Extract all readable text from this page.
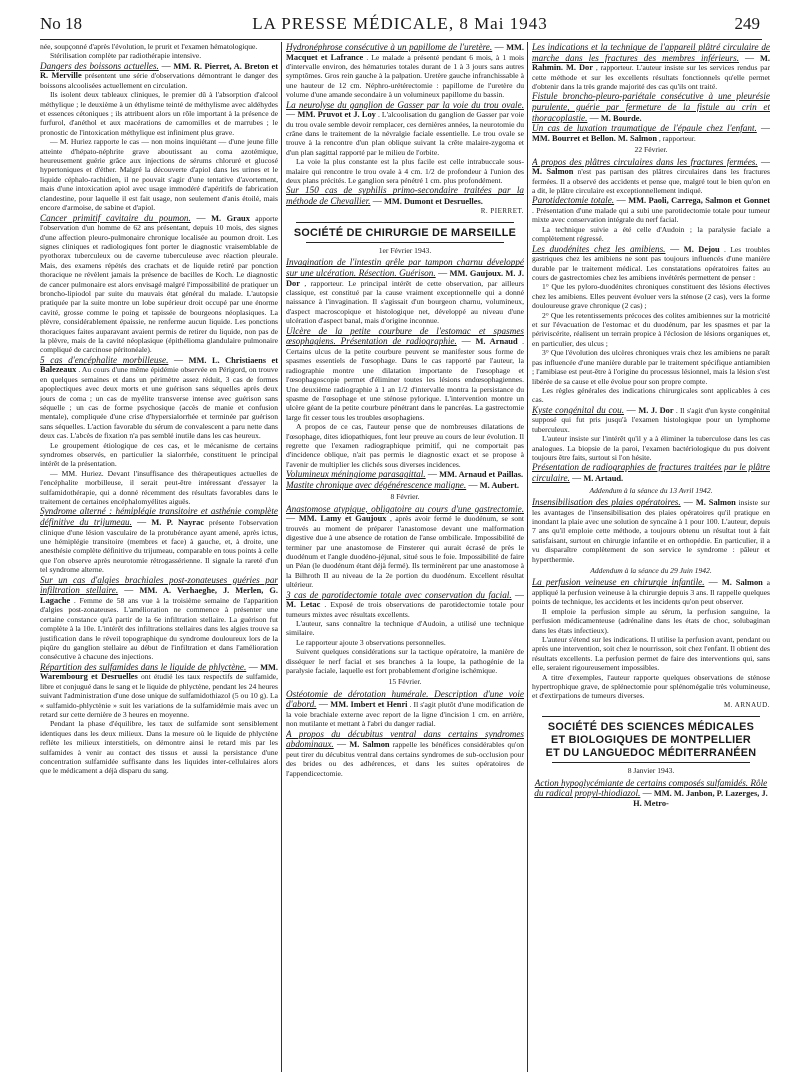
No 18	LA PRESSE MÉDICALE, 8 Mai 1943	249

née, soupçonné d'après l'évolution, le prurit et l'examen hématologique.

Stérilisation complète par radiothérapie intensive.

Dangers des boissons actuelles. — MM. R. Pierret, A. Breton et R. Merville présentent une série d'observations démontrant le danger des boissons alcooliséеs actuellement en circulation.

Ils isolent deux tableaux cliniques, le premier dû à l'absorption d'alcool méthylique ; le deuxième à un éthylisme teinté de méthylisme avec aldéhydes et essences cétoniques ; ils attribuent alors un rôle important à la présence de furfurol, d'anéthol et aux macérations de camomilles et de marrubes ; le pronostic de l'intoxication méthylique est infiniment plus grave.

— M. Huriez rapporte le cas — non moins inquiétant — d'une jeune fille atteinte d'hépato-néphrite grave aboutissant au coma azotémique, heureusement guérie grâce aux injections de sérums chloruré et glucosé hypertoniques et d'éther. Malgré la découverte d'apiol dans les urines et le liquide céphalo-rachidien, il ne pouvait s'agir d'une tentative d'avortement, mais d'une intoxication apiol avec usage immodéré d'apéritifs de fabrication clandestine, pour laquelle il est fait usage, non seulement d'anis étoilé, mais encore d'armoise, de sabine et d'apiol.

Cancer primitif cavitaire du poumon. — M. Graux apporte l'observation d'un homme de 62 ans présentant, depuis 10 mois, des signes d'une affection pleuro-pulmonaire chronique localisée au poumon droit. Les signes cliniques et radiologiques font porter le diagnostic vraisemblable de pyothorax tuberculeux ou de caverne tuberculeuse avec réaction pleurale. Mais, des examens répétés des crachats et de liquide retiré par ponction thoracique ne révèlent jamais la présence de bacilles de Koch. Le diagnostic de cancer pulmonaire est alors envisagé malgré l'impossibilité de pratiquer un broncho-lipiodol par suite du mauvais état général du malade. L'autopsie pratiquée par la suite montre un lobe supérieur droit occupé par une énorme cavité, grosse comme le poing et tapissée de bourgeons néoplasiques. La plèvre, considérablement épaissie, ne renferme aucun liquide. Les ponctions thoraciques faites auparavant avaient permis de retirer du liquide, non pas de la plèvre, mais de la cavité néoplasique (épithélioma glandulaire pulmonaire compliqué de carcinose péritonéale).

5 cas d'encéphalite morbilleuse. — MM. L. Christiaens et Balezeaux . Au cours d'une même épidémie observée en Périgord, on trouve en quelques semaines et dans un périmètre assez réduit, 3 cas de formes apoplectiques avec deux morts et une guérison sans séquelles après deux jours de coma ; un cas de myélite transverse intense avec guérison sans séquelle ; un cas de forme psychosique (accès de manie et confusion mentale), compliquée d'une crise d'hypersialorrhée et terminée par guérison sans séquelles. L'action favorable du sérum de convalescent a paru nette dans deux cas. L'abcès de fixation n'a pas semblé inutile dans les cas heureux.

Le groupement étiologique de ces cas, et le mécanisme de certains syndromes observés, en particulier la sialorrhée, constituent le principal intérêt de la présentation.

— MM. Huriez. Devant l'insuffisance des thérapeutiques actuelles de l'encéphalite morbilleuse, il serait peut-être intéressant d'essayer la sulfamidothérapie, qui a donné récemment des résultats favorables dans le traitement de certaines encéphalomyélites aiguës.

Syndrome alterné : hémiplégie transitoire et asthénie complète définitive du trijumeau. — M. P. Nayrac présente l'observation clinique d'une lésion vasculaire de la protubérance ayant amené, après ictus, une hémiplégie transitoire (membres et face) à gauche, et, à droite, une anesthésie complète définitive du trijumeau, comparable en tous points à celle que l'on observe après neurotomie rétrogassérienne. Il signale la rareté d'un tel syndrome alterne.

Sur un cas d'algies brachiales post-zonateuses guéries par infiltration stellaire. — MM. A. Verhaeghe, J. Merlen, G. Lagache . Femme de 58 ans vue à la troisième semaine de l'apparition d'algies post-zonateuses. L'amélioration ne commence à présenter une certaine constance qu'à partir de la 6e infiltration stellaire. La guérison fut complète à la 10e. L'intérêt des infiltrations stellaires dans les algies trouve sa justification dans le réveil topographique du syndrome douloureux lors de la piqûre du ganglion stellaire au début de l'infiltration et dans l'amélioration consécutive à chacune des injections.

Répartition des sulfamides dans le liquide de phlyctène. — MM. Warembourg et Desruelles ont étudié les taux respectifs de sulfamide, libre et conjugué dans le sang et le liquide de phlyctène, pendant les 24 heures suivant l'administration d'une dose unique de sulfamidothiazol (5 ou 10 g). La « sulfamido-phlyctènie » suit les variations de la sulfamidémie mais avec un retard sur cette dernière de 3 heures en moyenne.

Pendant la phase d'équilibre, les taux de sulfamide sont sensiblement identiques dans les deux milieux. Dans la mesure où le liquide de phlyctène reflète les milieux interstitiels, on démontre ainsi le retard mis par les sulfamides à venir au contact des tissus et aussi la persistance d'une concentration sulfamidée suffisante dans les liquides inter-cellulaires alors que le médicament a déjà disparu du sang.

Hydronéphrose consécutive à un papillome de l'uretère. — MM. Macquet et Lafrance . Le malade a présenté pendant 6 mois, à 1 mois d'intervalle environ, des hématuries totales durant de 1 à 3 jours sans autres symptômes. Gros rein gauche à la palpation. Uretère gauche infranchissable à une hauteur de 12 cm. Néphro-urétérectomie : papillome de l'uretère du volume d'une amande secondaire à un volumineux papillome du bassin.

La neurolyse du ganglion de Gasser par la voie du trou ovale. — MM. Pruvot et J. Loy . L'alcoolisation du ganglion de Gasser par voie du trou ovale semble devoir remplacer, ces dernières années, la neurotomie du crâne dans le traitement de la névralgie faciale essentielle. Le trou ovale se trouve à la rencontre d'un plan oblique suivant la crête malaire-zygoma et d'un plan sagittal rapporté par le milieu de l'orbite.

La voie la plus constante est la plus facile est celle intrabuccale sous-malaire qui rencontre le trou ovale à 4 cm. 1/2 de profondeur à l'union des deux plans précités. Le ganglion sera pénétré 1 cm. plus profondément.

Sur 150 cas de syphilis primo-secondaire traitées par la méthode de Chevallier. — MM. Dumont et Desruelles.

R. PIERRET.
SOCIÉTÉ DE CHIRURGIE DE MARSEILLE
1er Février 1943.

Invagination de l'intestin grêle par tampon charnu développé sur une ulcération. Résection. Guérison. — MM. Gaujoux. M. J. Dor , rapporteur. Le principal intérêt de cette observation, par ailleurs classique, est constitué par la cause vraiment exceptionnelle qui a donné naissance à l'invagination. Il s'agissait d'un bourgeon charnu, volumineux, d'aspect macroscopique et histologique net, développé au niveau d'une ulcération d'aspect banal, mais d'origine inconnue.

Ulcère de la petite courbure de l'estomac et spasmes œsophagiens. Présentation de radiographie. — M. Arnaud . Certains ulcus de la petite courbure peuvent se manifester sous forme de spasmes essentiels de l'œsophage. Dans le cas rapporté par l'auteur, la radiographie montre une dilatation importante de l'œsophage et l'œsophagoscopie permet d'éliminer toutes les lésions endœsophagiennes. Une deuxième radiographie à 1 an 1/2 d'intervalle montra la persistance du spasme de l'œsophage et une sténose pylorique. L'intervention montre un ulcère géant de la petite courbure pénétrant dans le pancréas. La gastrectomie large fit cesser tous les troubles œsophagiens.

A propos de ce cas, l'auteur pense que de nombreuses dilatations de l'œsophage, dites idiopathiques, font leur preuve au cours de leur évolution. Il regrette que l'examen radiographique primitif, qui ne comportait pas d'incidence oblique, n'ait pas permis le diagnostic exact et se propose à l'avenir de multiplier les clichés sous diverses incidences.

Volumineux méningiome parasagittal. — MM. Arnaud et Paillas.

Mastite chronique avec dégénérescence maligne. — M. Aubert.

8 Février.

Anastomose atypique, obligatoire au cours d'une gastrectomie. — MM. Lamy et Gaujoux , après avoir fermé le duodénum, se sont trouvés au moment de préparer l'anastomose devant une malformation digestive due à une absence de rotation de l'anse ombilicale. Impossibilité de terminer par une anastomose de Finsterer qui aurait écrasé de près le duodénum et l'angle duodéno-jéjunal, situé sous le foie. Impossibilité de faire un Péan (le duodénum étant déjà fermé). Ils terminèrent par une anastomose à la Bilhroth II au niveau de la 2e portion du duodénum. Excellent résultat ultérieur.

3 cas de parotidectomie totale avec conservation du facial. — M. Letac . Exposé de trois observations de parotidectomie totale pour tumeurs mixtes avec résultats excellents.

L'auteur, sans connaître la technique d'Audoin, a utilisé une technique similaire.

Le rapporteur ajoute 3 observations personnelles.

Suivent quelques considérations sur la tactique opératoire, la manière de disséquer le nerf facial et ses branches à la loupe, la pathogénie de la paralysie faciale, laquelle est fort probablement d'origine ischémique.

15 Février.

Ostéotomie de dérotation humérale. Description d'une voie d'abord. — MM. Imbert et Henri . Il s'agit plutôt d'une modification de la voie brachiale externe avec report de la ligne d'incision 1 cm. en arrière, non mutilante et mettant à l'abri du danger radial.

A propos du décubitus ventral dans certains syndromes abdominaux. — M. Salmon rappelle les bénéfices considérables qu'on peut tirer du décubitus ventral dans certains syndromes de sub-occlusion pour des brides ou des adhérences, et dans les suites opératoires de l'appendicectomie.

Les indications et la technique de l'appareil plâtré circulaire de marche dans les fractures des membres inférieurs. — M. Rahmin. M. Dor , rapporteur. L'auteur insiste sur les services rendus par cette méthode et sur les excellents résultats fonctionnels qu'elle permet d'obtenir dans la très grande majorité des cas qu'ils ont traité.

Fistule broncho-pleuro-pariétale consécutive à une pleurésie purulente, guérie par fermeture de la fistule au crin et thoracoplastie. — M. Bourde.

Un cas de luxation traumatique de l'épaule chez l'enfant. — MM. Bourret et Bellon. M. Salmon , rapporteur.

22 Février.

A propos des plâtres circulaires dans les fractures fermées. — M. Salmon n'est pas partisan des plâtres circulaires dans les fractures fermées. Il a observé des accidents et pense que, malgré tout le bien qu'on en a dit, le plâtre circulaire est exceptionnellement indiqué.

Parotidectomie totale. — MM. Paoli, Carrega, Salmon et Gonnet . Présentation d'une malade qui a subi une parotidectomie totale pour tumeur mixte avec conservation intégrale du nerf facial.

La technique suivie a été celle d'Audoin ; la paralysie faciale a complètement régressé.

Les duodénites chez les amibiens. — M. Dejou . Les troubles gastriques chez les amibiens ne sont pas toujours influencés d'une manière durable par le traitement médical. Les constatations opératoires faites au cours de gastrectomies chez les amibiens invétérés permettent de penser :

1° Que les pyloro-duodénites chroniques constituent des lésions électives chez les amibiens. Elles peuvent évoluer vers la sténose (2 cas), vers la forme douloureuse grave chronique (2 cas) ;

2° Que les retentissements précoces des colites amibiennes sur la motricité et sur l'évacuation de l'estomac et du duodénum, par les spasmes et par la périviscérite, réalisent un terrain propice à l'éclosion de lésions organiques et, en particulier, des ulcus ;

3° Que l'évolution des ulcères chroniques vrais chez les amibiens ne paraît pas influencée d'une manière durable par le traitement spécifique antiamibien ; l'amibiase est peut-être à l'origine du processus lésionnel, mais la lésion s'est libérée de sa cause et elle évolue pour son propre compte.

Les règles générales des indications chirurgicales sont applicables à ces cas.

Kyste congénital du cou. — M. J. Dor . Il s'agit d'un kyste congénital supposé qui fut pris jusqu'à l'examen histologique pour un lymphome tuberculeux.

L'auteur insiste sur l'intérêt qu'il y a à éliminer la tuberculose dans les cas analogues. La biopsie de la paroi, l'examen bactériologique du pus doivent toujours être faits, surtout si l'on hésite.

Présentation de radiographies de fractures traitées par le plâtre circulaire. — M. Artaud.

Addendum à la séance du 13 Avril 1942.

Insensibilisation des plaies opératoires. — M. Salmon insiste sur les avantages de l'insensibilisation des plaies opératoires qu'il pratique en inondant la plaie avec une solution de syncaïne à 1 pour 100. L'auteur, depuis 7 ans qu'il emploie cette méthode, a toujours obtenu un résultat tout à fait satisfaisant, surtout en chirurgie infantile et en orthopédie. En particulier, il a vu disparaître complètement de son service le syndrome : pâleur et hyperthermie.

Addendum à la séance du 29 Juin 1942.

La perfusion veineuse en chirurgie infantile. — M. Salmon a appliqué la perfusion veineuse à la chirurgie depuis 3 ans. Il rappelle quelques points de technique, les accidents et les incidents qu'on peut observer.

Il emploie la perfusion simple au sérum, la perfusion sanguine, la perfusion médicamenteuse (adrénaline dans les états de choc, solubaginan dans les états infectieux).

L'auteur s'étend sur les indications. Il utilise la perfusion avant, pendant ou après une intervention, soit chez le nourrisson, soit chez l'enfant. Il obtient des résultats excellents. La perfusion permet de faire des interventions qui, sans elle, seraient rigoureusement impossibles.

A titre d'exemples, l'auteur rapporte quelques observations de sténose hypertrophique grave, de splénectomie pour splénomégalie très volumineuse, et d'extirpations de tumeurs diverses.

M. ARNAUD.
SOCIÉTÉ DES SCIENCES MÉDICALES
ET BIOLOGIQUES DE MONTPELLIER
ET DU LANGUEDOC MÉDITERRANÉEN
8 Janvier 1943.

Action hypoglycémiante de certains composés sulfamidés. Rôle du radical propyl-thiodiazol. — MM. M. Janbon, P. Lazerges, J. H. Metro-
